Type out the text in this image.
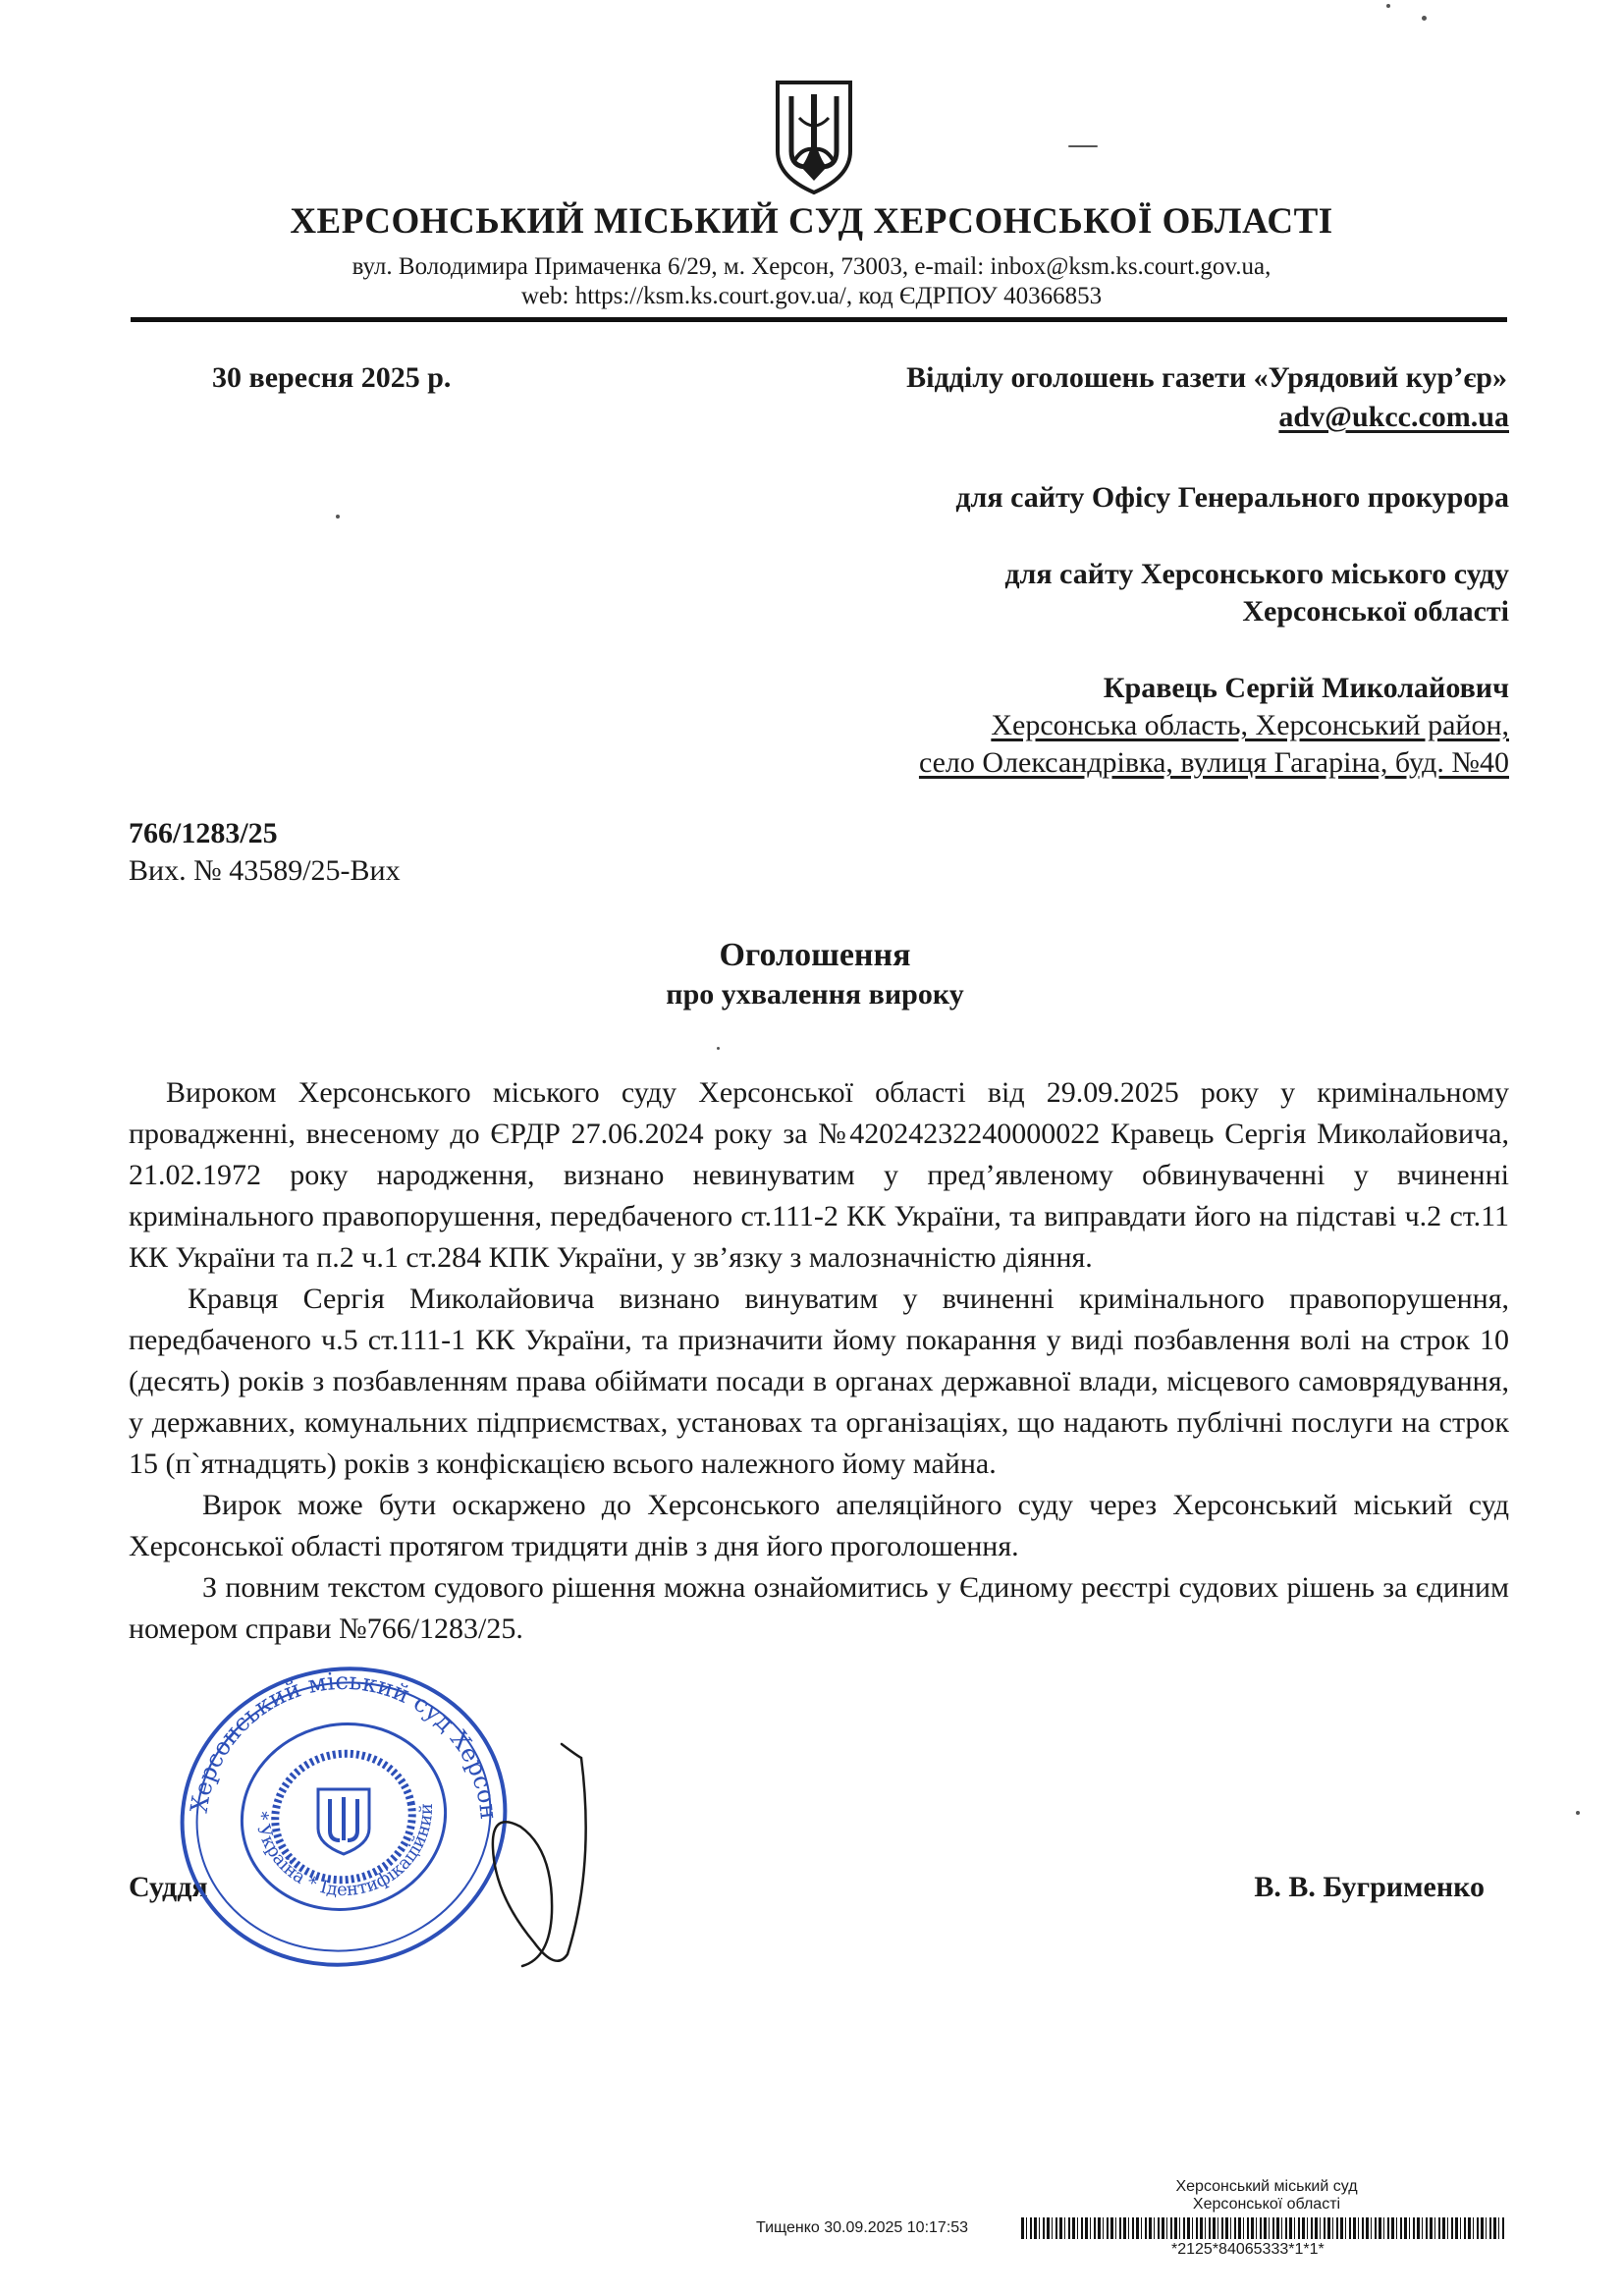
ХЕРСОНСЬКИЙ МІСЬКИЙ СУД ХЕРСОНСЬКОЇ ОБЛАСТІ
вул. Володимира Примаченка 6/29, м. Херсон, 73003, e-mail: inbox@ksm.ks.court.gov.ua,
web: https://ksm.ks.court.gov.ua/, код ЄДРПОУ 40366853
30 вересня 2025 р.	Відділу оголошень газети «Урядовий кур’єр»
adv@ukcc.com.ua
для сайту Офісу Генерального прокурора
для сайту Херсонського міського суду
Херсонської області
Кравець Сергій Миколайович
Херсонська область, Херсонський район,
село Олександрівка, вулиця Гагаріна, буд. №40
766/1283/25
Вих. № 43589/25-Вих
Оголошення
про ухвалення вироку

Вироком Херсонського міського суду Херсонської області від 29.09.2025 року у кримінальному провадженні, внесеному до ЄРДР 27.06.2024 року за №42024232240000022 Кравець Сергія Миколайовича, 21.02.1972 року народження, визнано невинуватим у пред’явленому обвинуваченні у вчиненні кримінального правопорушення, передбаченого ст.111-2 КК України, та виправдати його на підставі ч.2 ст.11 КК України та п.2 ч.1 ст.284 КПК України, у зв’язку з малозначністю діяння.

Кравця Сергія Миколайовича визнано винуватим у вчиненні кримінального правопорушення, передбаченого ч.5 ст.111-1 КК України, та призначити йому покарання у виді позбавлення волі на строк 10 (десять) років з позбавленням права обіймати посади в органах державної влади, місцевого самоврядування, у державних, комунальних підприємствах, установах та організаціях, що надають публічні послуги на строк 15 (п`ятнадцять) років з конфіскацією всього належного йому майна.

Вирок може бути оскаржено до Херсонського апеляційного суду через Херсонський міський суд Херсонської області протягом тридцяти днів з дня його проголошення.

З повним текстом судового рішення можна ознайомитись у Єдиному реєстрі судових рішень за єдиним номером справи №766/1283/25.

Суддя	В. В. Бугрименко
Херсонський міський суд Херсон
* Україна * Ідентифікаційний
Херсонський міський суд
Херсонської області
Тищенко 30.09.2025 10:17:53
*2125*84065333*1*1*
